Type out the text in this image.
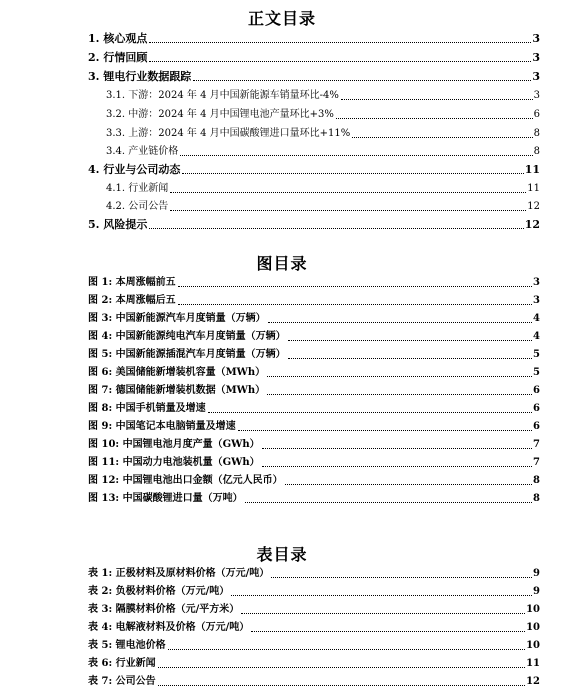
正文目录
1. 核心观点	3
2. 行情回顾	3
3. 锂电行业数据跟踪	3
3.1. 下游：2024 年 4 月中国新能源车销量环比-4%	3
3.2. 中游：2024 年 4 月中国锂电池产量环比+3%	6
3.3. 上游：2024 年 4 月中国碳酸锂进口量环比+11%	8
3.4. 产业链价格	8
4. 行业与公司动态	11
4.1. 行业新闻	11
4.2. 公司公告	12
5. 风险提示	12
图目录
图 1: 本周涨幅前五	3
图 2: 本周涨幅后五	3
图 3: 中国新能源汽车月度销量（万辆）	4
图 4: 中国新能源纯电汽车月度销量（万辆）	4
图 5: 中国新能源插混汽车月度销量（万辆）	5
图 6: 美国储能新增装机容量（MWh）	5
图 7: 德国储能新增装机数据（MWh）	6
图 8: 中国手机销量及增速	6
图 9: 中国笔记本电脑销量及增速	6
图 10: 中国锂电池月度产量（GWh）	7
图 11: 中国动力电池装机量（GWh）	7
图 12: 中国锂电池出口金额（亿元人民币）	8
图 13: 中国碳酸锂进口量（万吨）	8
表目录
表 1: 正极材料及原材料价格（万元/吨）	9
表 2: 负极材料价格（万元/吨）	9
表 3: 隔膜材料价格（元/平方米）	10
表 4: 电解液材料及价格（万元/吨）	10
表 5: 锂电池价格	10
表 6: 行业新闻	11
表 7: 公司公告	12
